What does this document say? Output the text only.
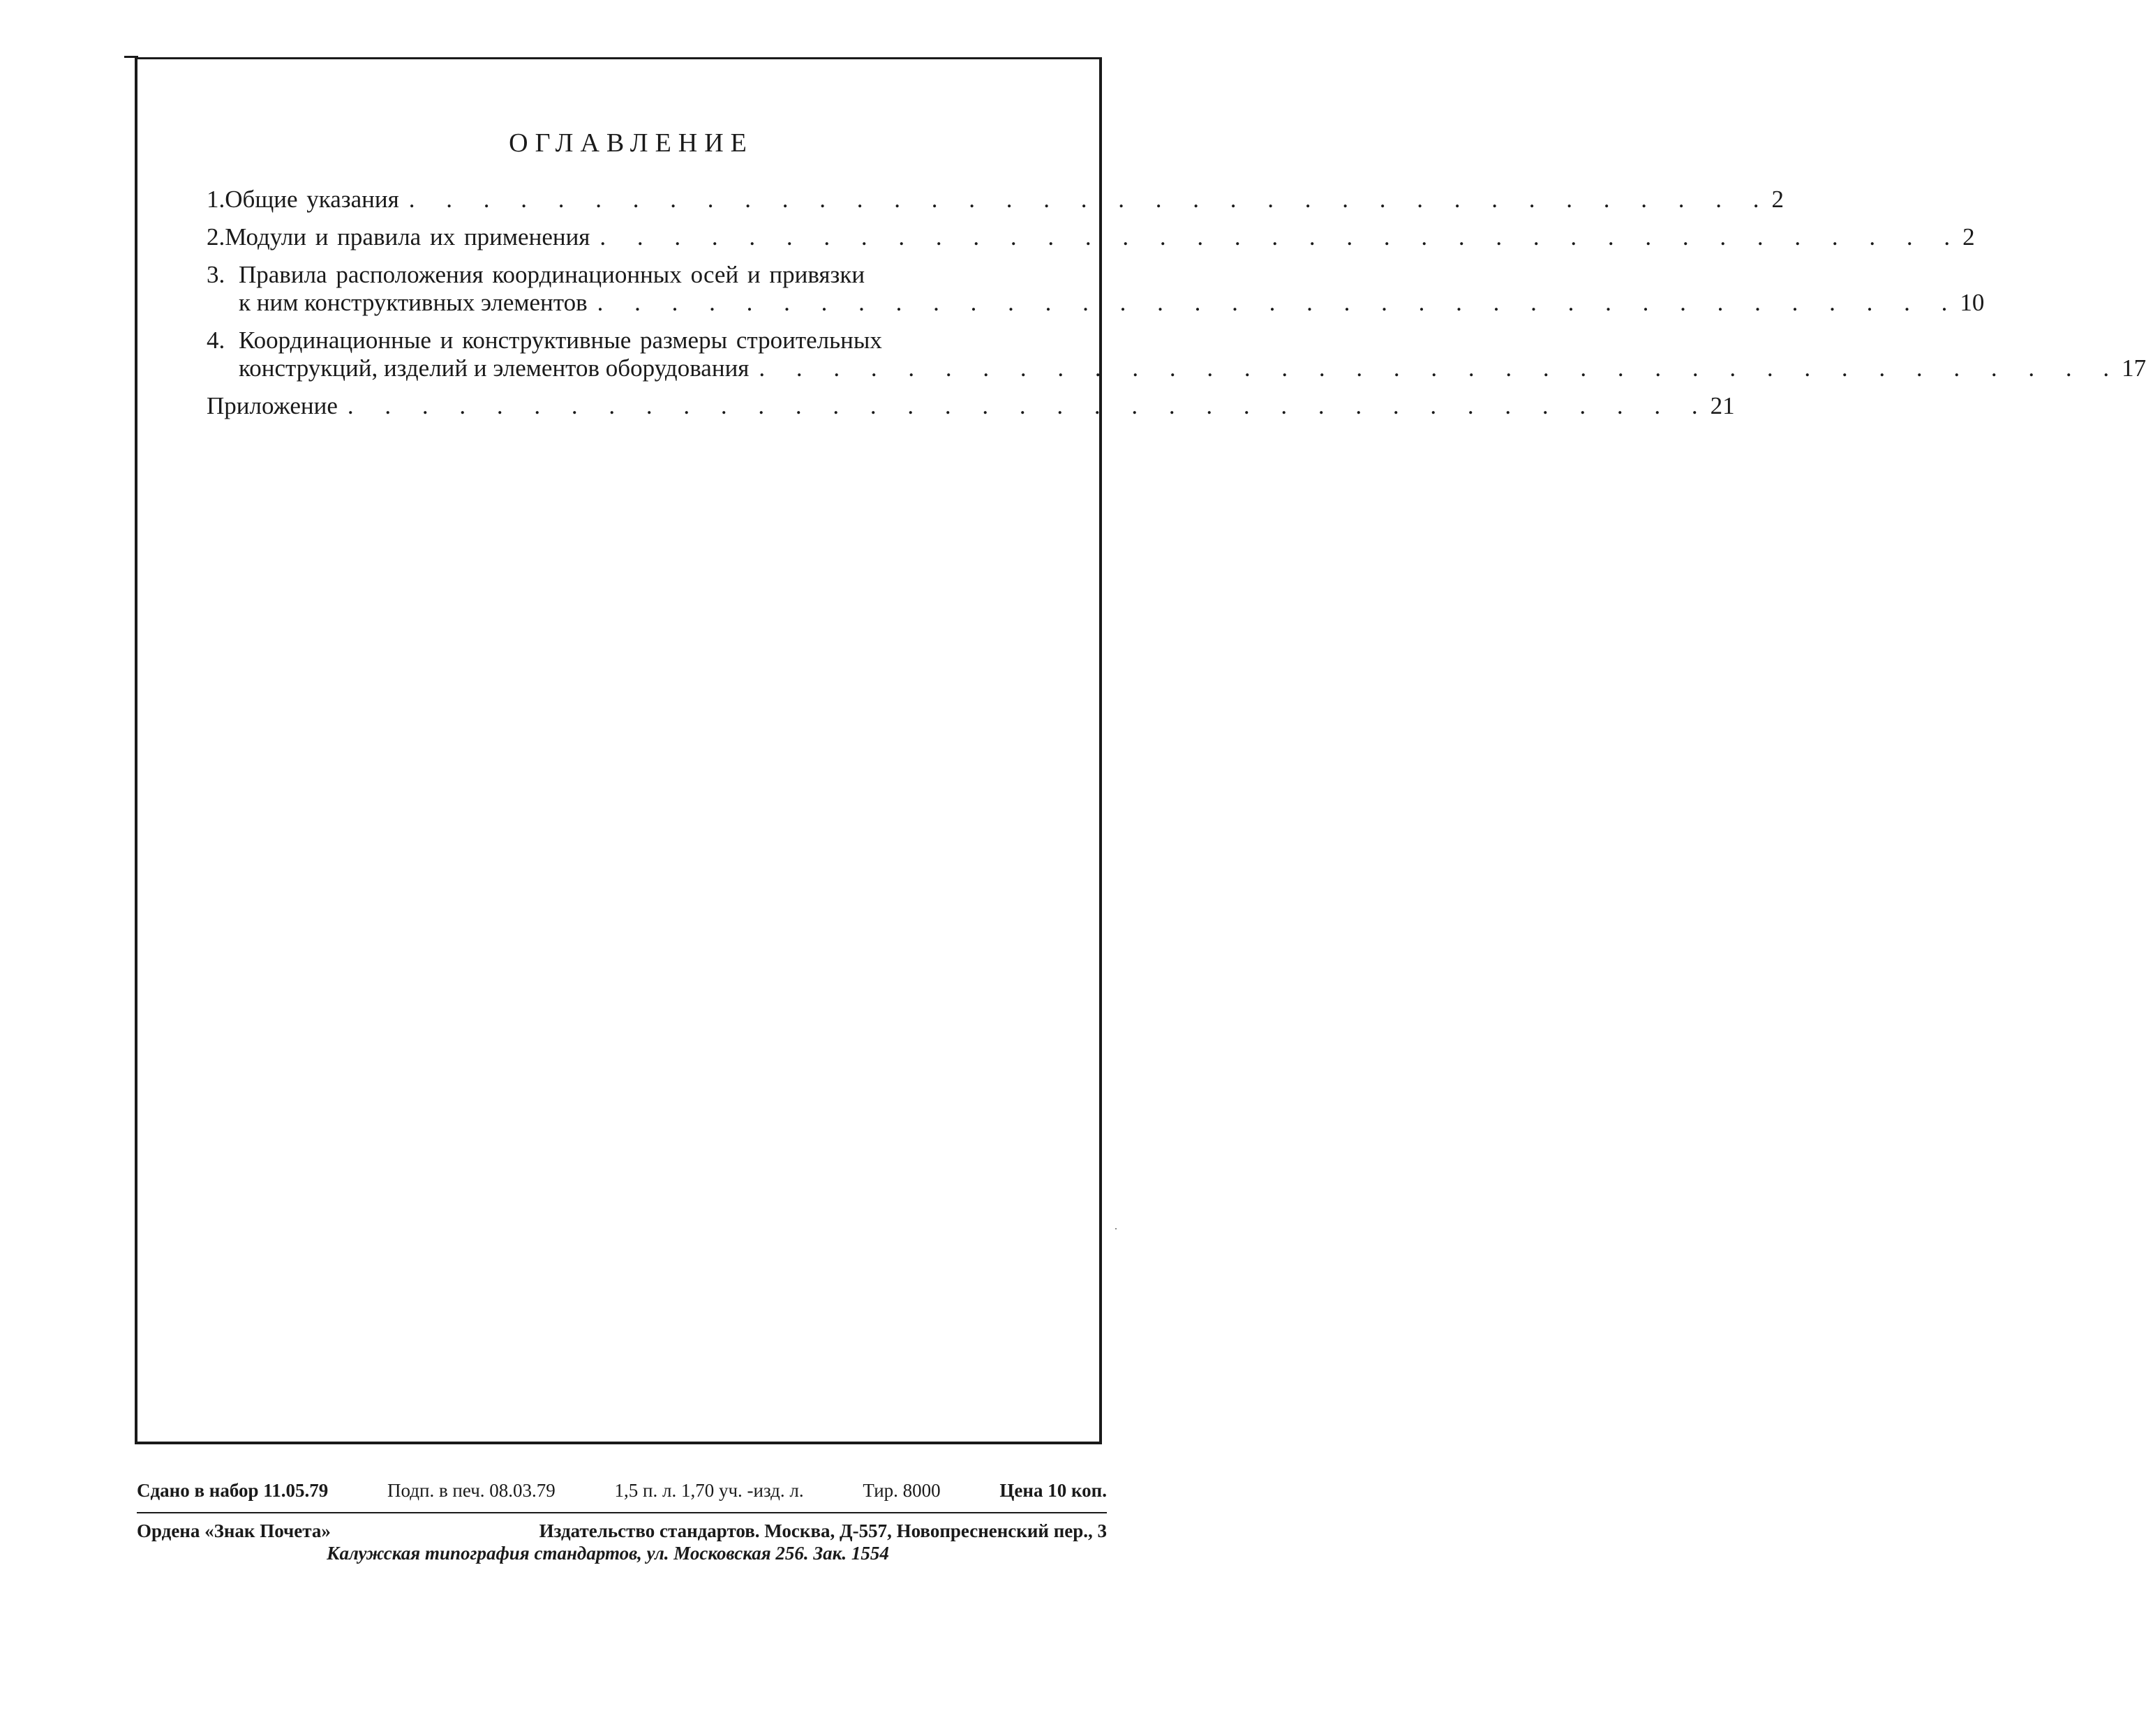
ОГЛАВЛЕНИЕ
1. Общие указания . . . . . . . . . . . . . . . . . . . . . . . . . . . . . . . . . . . . . 2
2. Модули и правила их применения . . . . . . . . . . . . . . . . . . . . . . . . . . . . . . . . . . . . . 2
3. Правила расположения координационных осей и привязки
к ним конструктивных элементов . . . . . . . . . . . . . . . . . . . . . . . . . . . . . . . . . . . . . 10
4. Координационные и конструктивные размеры строительных
конструкций, изделий и элементов оборудования . . . . . . . . . . . . . . . . . . . . . . . . . . . . . . . . . . . . . 17
Приложение . . . . . . . . . . . . . . . . . . . . . . . . . . . . . . . . . . . . . 21
Сдано в набор 11.05.79	Подп. в печ. 08.03.79	1,5 п. л. 1,70 уч. -изд. л.	Тир. 8000	Цена 10 коп.
Ордена «Знак Почета»	Издательство стандартов. Москва, Д-557, Новопресненский пер., 3
Калужская типография стандартов, ул. Московская 256. Зак. 1554
